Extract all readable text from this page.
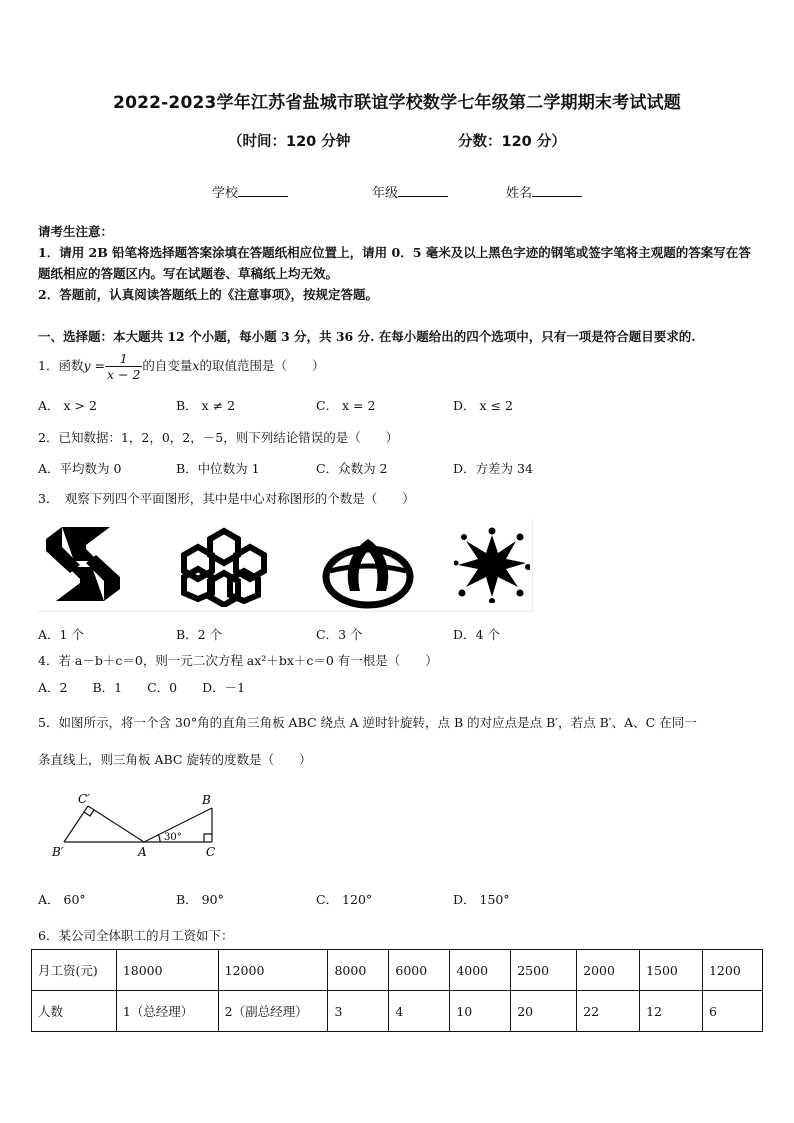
2022-2023学年江苏省盐城市联谊学校数学七年级第二学期期末考试试题
（时间：120 分钟	分数：120 分）
学校	年级	姓名
请考生注意：
1．请用 2B 铅笔将选择题答案涂填在答题纸相应位置上，请用 0．5 毫米及以上黑色字迹的钢笔或签字笔将主观题的答案写在答题纸相应的答题区内。写在试题卷、草稿纸上均无效。
2．答题前，认真阅读答题纸上的《注意事项》，按规定答题。
一、选择题：本大题共 12 个小题，每小题 3 分，共 36 分. 在每小题给出的四个选项中，只有一项是符合题目要求的.
1．函数$y = \frac{1}{x - 2}$ 的自变量x的取值范围是（　　）
A． x > 2	B． x ≠ 2	C． x = 2	D． x ≤ 2
2．已知数据：1，2，0，2，－5，则下列结论错误的是（　　）
A．平均数为 0	B．中位数为 1	C．众数为 2	D．方差为 34
3．　观察下列四个平面图形，其中是中心对称图形的个数是（　　）
A．1 个	B．2 个	C．3 个	D．4 个
4．若 a－b＋c＝0，则一元二次方程 ax²＋bx＋c＝0 有一根是（　　）
A．2　　B．1　　C．0　　D．－1
5．如图所示，将一个含 30°角的直角三角板 ABC 绕点 A 逆时针旋转，点 B 的对应点是点 B′，若点 B′、A、C 在同一
条直线上，则三角板 ABC 旋转的度数是（　　）
C′	B
B′	A	C
30°
A． 60°	B． 90°	C． 120°	D． 150°
6．某公司全体职工的月工资如下：
月工资(元)	18000	12000	8000	6000	4000	2500	2000	1500	1200
人数	1（总经理）	2（副总经理）	3	4	10	20	22	12	6
